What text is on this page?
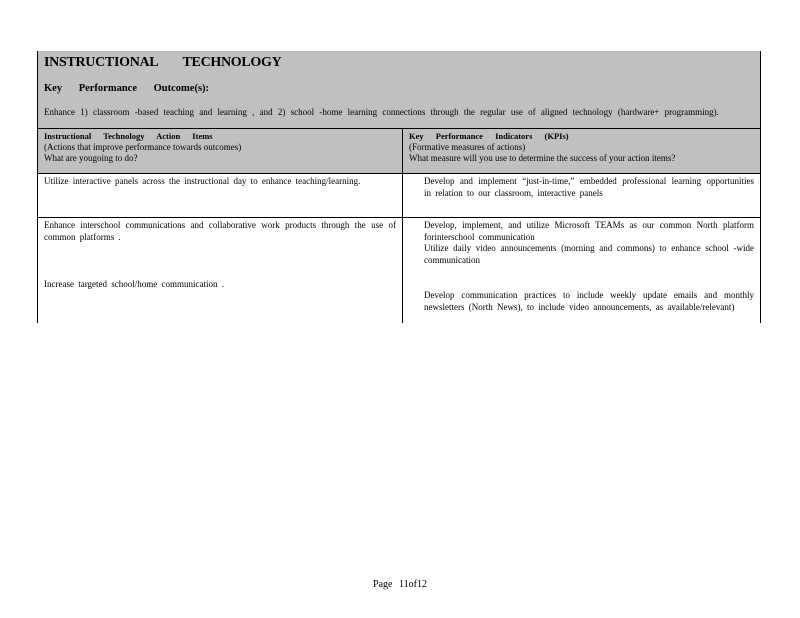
INSTRUCTIONAL TECHNOLOGY
Key Performance Outcome(s):
Enhance 1) classroom -based teaching and learning , and 2) school -home learning connections through the regular use of aligned technology (hardware+ programming).
Instructional Technology Action Items
(Actions that improve performance towards outcomes)
What are yougoing to do?
Key Performance Indicators (KPIs)
(Formative measures of actions)
What measure will you use to determine the success of your action items?
Utilize interactive panels across the instructional day to enhance teaching/learning.	Develop and implement “just-in-time,” embedded professional learning opportunities in relation to our classroom, interactive panels
Enhance interschool communications and collaborative work products through the use of common platforms .
Increase targeted school/home communication .
Develop, implement, and utilize Microsoft TEAMs as our common North platform forinterschool communication
Utilize daily video announcements (morning and commons) to enhance school -wide communication
Develop communication practices to include weekly update emails and monthly newsletters (North News), to include video announcements, as available/relevant)
Page 11of12
